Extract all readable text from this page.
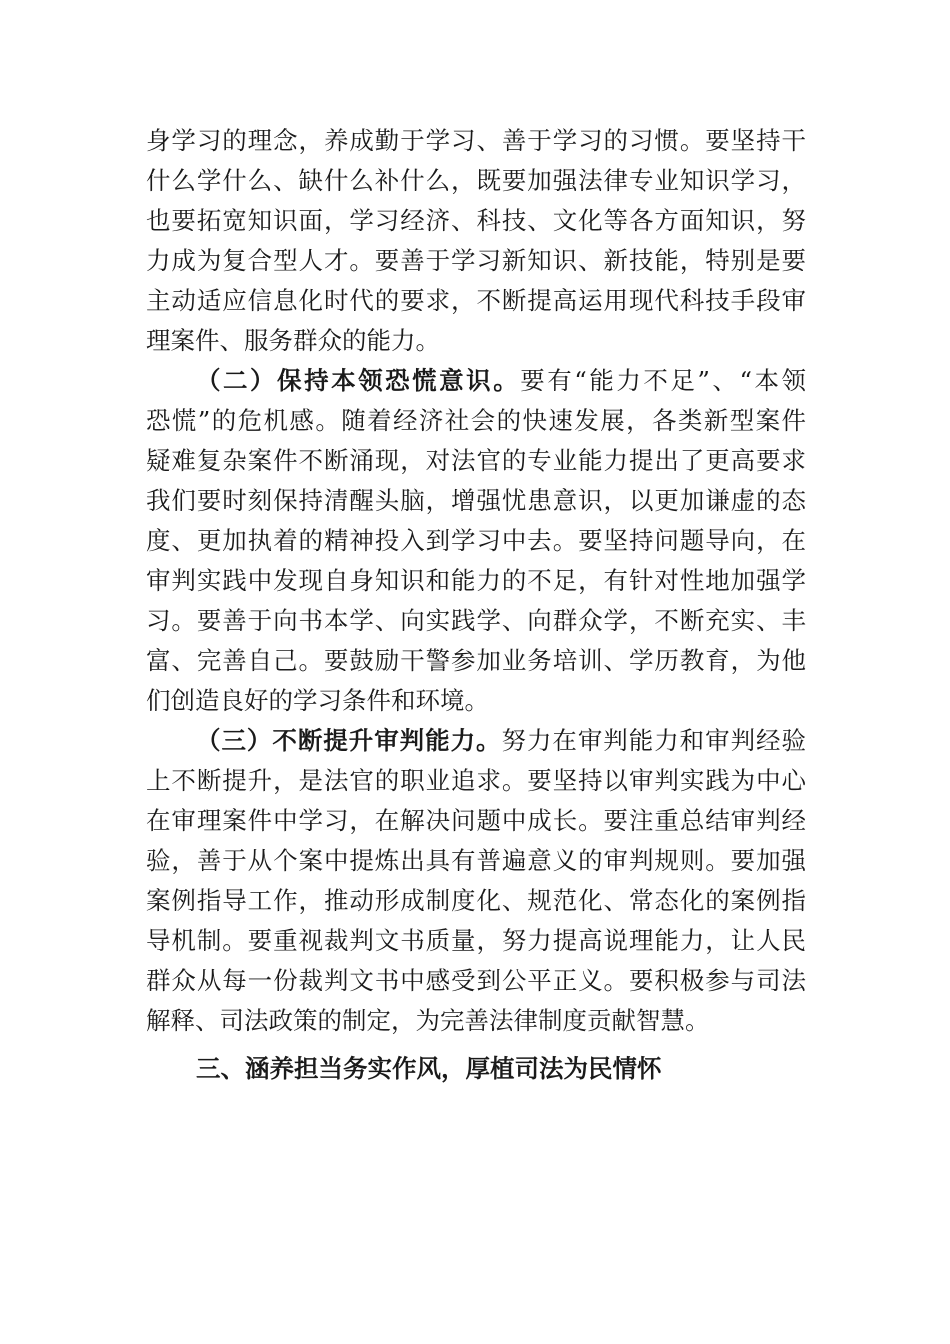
身学习的理念，养成勤于学习、善于学习的习惯。要坚持干
什么学什么、缺什么补什么，既要加强法律专业知识学习，
也要拓宽知识面，学习经济、科技、文化等各方面知识，努
力成为复合型人才。要善于学习新知识、新技能，特别是要
主动适应信息化时代的要求，不断提高运用现代科技手段审
理案件、服务群众的能力。
（二）保持本领恐慌意识。要有“能力不足”、“本领
恐慌”的危机感。随着经济社会的快速发展，各类新型案件
疑难复杂案件不断涌现，对法官的专业能力提出了更高要求
我们要时刻保持清醒头脑，增强忧患意识，以更加谦虚的态
度、更加执着的精神投入到学习中去。要坚持问题导向，在
审判实践中发现自身知识和能力的不足，有针对性地加强学
习。要善于向书本学、向实践学、向群众学，不断充实、丰
富、完善自己。要鼓励干警参加业务培训、学历教育，为他
们创造良好的学习条件和环境。
（三）不断提升审判能力。努力在审判能力和审判经验
上不断提升，是法官的职业追求。要坚持以审判实践为中心
在审理案件中学习，在解决问题中成长。要注重总结审判经
验，善于从个案中提炼出具有普遍意义的审判规则。要加强
案例指导工作，推动形成制度化、规范化、常态化的案例指
导机制。要重视裁判文书质量，努力提高说理能力，让人民
群众从每一份裁判文书中感受到公平正义。要积极参与司法
解释、司法政策的制定，为完善法律制度贡献智慧。
三、涵养担当务实作风，厚植司法为民情怀
